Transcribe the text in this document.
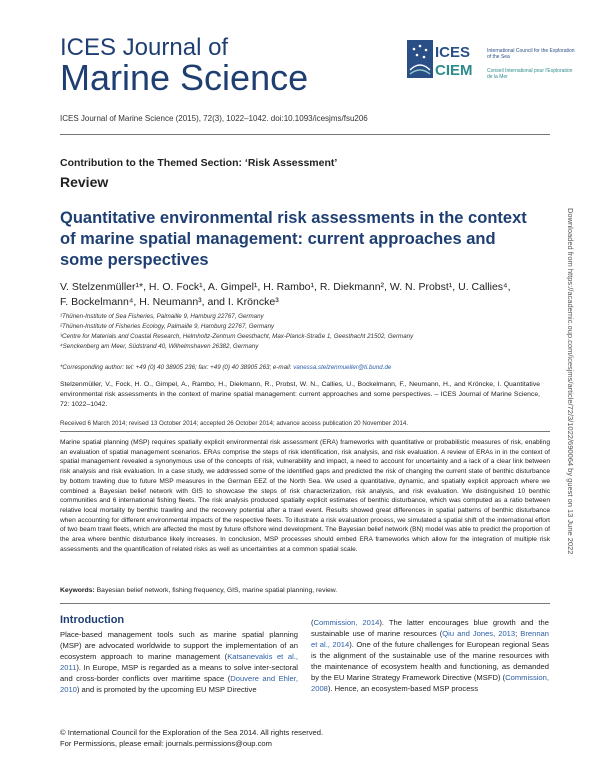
ICES Journal of
Marine Science
ICES
CIEM
International Council for the Exploration of the Sea
Conseil International pour l'Exploration de la Mer
ICES Journal of Marine Science (2015), 72(3), 1022–1042. doi:10.1093/icesjms/fsu206
Contribution to the Themed Section: ‘Risk Assessment’
Review
Quantitative environmental risk assessments in the context of marine spatial management: current approaches and some perspectives
V. Stelzenmüller¹*, H. O. Fock¹, A. Gimpel¹, H. Rambo¹, R. Diekmann², W. N. Probst¹, U. Callies⁴,
F. Bockelmann⁴, H. Neumann³, and I. Kröncke³
¹Thünen-Institute of Sea Fisheries, Palmaille 9, Hamburg 22767, Germany
²Thünen-Institute of Fisheries Ecology, Palmaille 9, Hamburg 22767, Germany
³Centre for Materials and Coastal Research, Helmholtz-Zentrum Geesthacht, Max-Planck-Straße 1, Geesthacht 21502, Germany
⁴Senckenberg am Meer, Südstrand 40, Wilhelmshaven 26382, Germany
*Corresponding author: tel: +49 (0) 40 38905 236; fax: +49 (0) 40 38905 263; e-mail: vanessa.stelzenmueller@ti.bund.de
Stelzenmüller, V., Fock, H. O., Gimpel, A., Rambo, H., Diekmann, R., Probst, W. N., Callies, U., Bockelmann, F., Neumann, H., and Kröncke, I. Quantitative environmental risk assessments in the context of marine spatial management: current approaches and some perspectives. – ICES Journal of Marine Science, 72: 1022–1042.
Received 6 March 2014; revised 13 October 2014; accepted 26 October 2014; advance access publication 20 November 2014.
Marine spatial planning (MSP) requires spatially explicit environmental risk assessment (ERA) frameworks with quantitative or probabilistic measures of risk, enabling an evaluation of spatial management scenarios. ERAs comprise the steps of risk identification, risk analysis, and risk evaluation. A review of ERAs in in the context of spatial management revealed a synonymous use of the concepts of risk, vulnerability and impact, a need to account for uncertainty and a lack of a clear link between risk analysis and risk evaluation. In a case study, we addressed some of the identified gaps and predicted the risk of changing the current state of benthic disturbance by bottom trawling due to future MSP measures in the German EEZ of the North Sea. We used a quantitative, dynamic, and spatially explicit approach where we combined a Bayesian belief network with GIS to showcase the steps of risk characterization, risk analysis, and risk evaluation. We distinguished 10 benthic communities and 6 international fishing fleets. The risk analysis produced spatially explicit estimates of benthic disturbance, which was computed as a ratio between relative local mortality by benthic trawling and the recovery potential after a trawl event. Results showed great differences in spatial patterns of benthic disturbance when accounting for different environmental impacts of the respective fleets. To illustrate a risk evaluation process, we simulated a spatial shift of the international effort of two beam trawl fleets, which are affected the most by future offshore wind development. The Bayesian belief network (BN) model was able to predict the proportion of the area where benthic disturbance likely increases. In conclusion, MSP processes should embed ERA frameworks which allow for the integration of multiple risk assessments and the quantification of related risks as well as uncertainties at a common spatial scale.
Keywords: Bayesian belief network, fishing frequency, GIS, marine spatial planning, review.
Introduction
Place-based management tools such as marine spatial planning (MSP) are advocated worldwide to support the implementation of an ecosystem approach to marine management (Katsanevakis et al., 2011). In Europe, MSP is regarded as a means to solve inter-sectoral and cross-border conflicts over maritime space (Douvere and Ehler, 2010) and is promoted by the upcoming EU MSP Directive
(Commission, 2014). The latter encourages blue growth and the sustainable use of marine resources (Qiu and Jones, 2013; Brennan et al., 2014). One of the future challenges for European regional Seas is the alignment of the sustainable use of the marine resources with the maintenance of ecosystem health and functioning, as demanded by the EU Marine Strategy Framework Directive (MSFD) (Commission, 2008). Hence, an ecosystem-based MSP process
© International Council for the Exploration of the Sea 2014. All rights reserved.
For Permissions, please email: journals.permissions@oup.com
Downloaded from https://academic.oup.com/icesjms/article/72/3/1022/690064 by guest on 13 June 2022
